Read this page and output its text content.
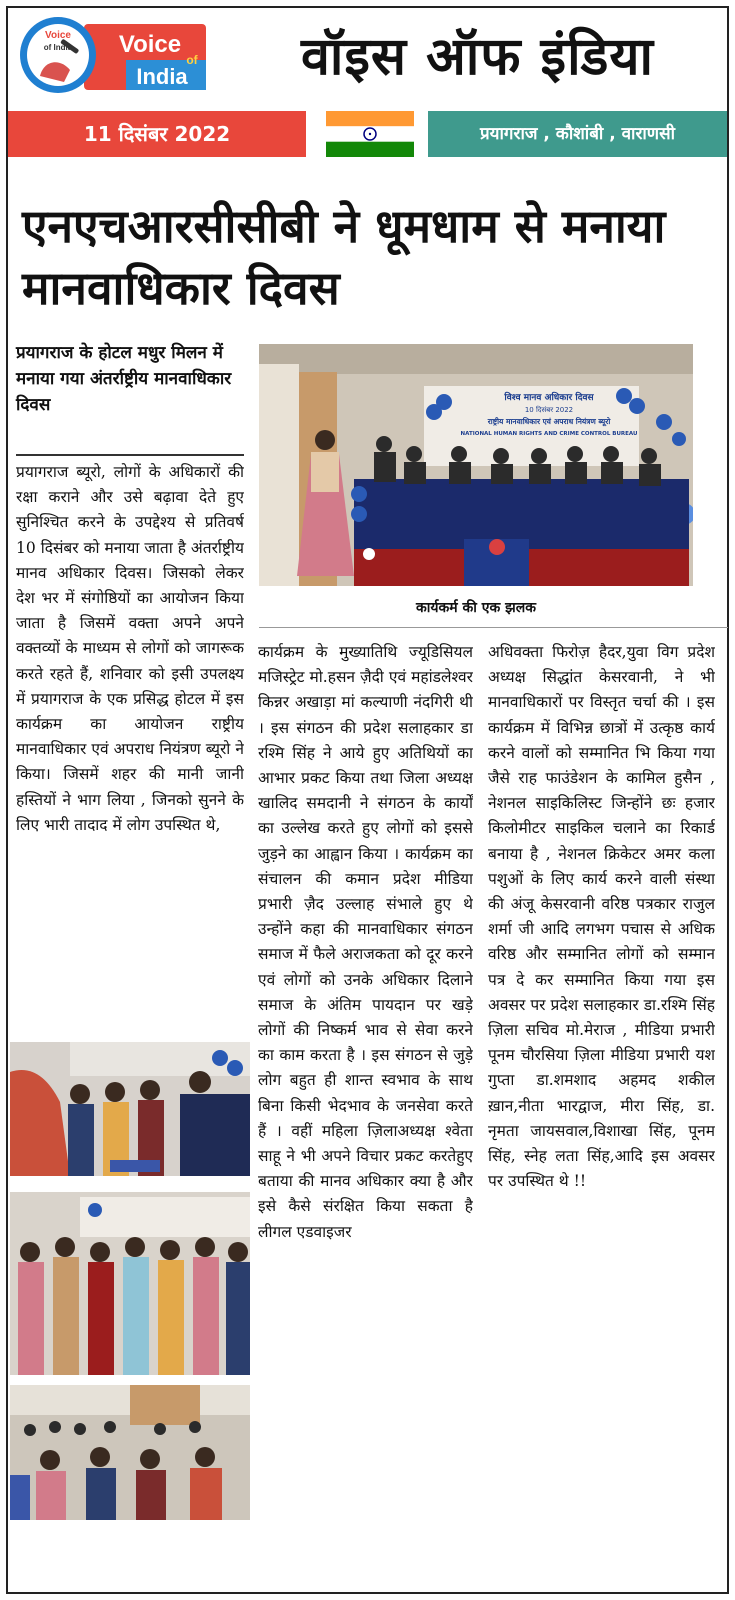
Voice
of India Voice
of
India	वॉइस ऑफ इंडिया
11 दिसंबर 2022	प्रयागराज , कौशांबी , वाराणसी
एनएचआरसीसीबी ने धूमधाम से मनाया मानवाधिकार दिवस
प्रयागराज के होटल मधुर मिलन में मनाया गया अंतर्राष्ट्रीय मानवाधिकार दिवस
प्रयागराज ब्यूरो, लोगों के अधिकारों की रक्षा कराने और उसे बढ़ावा देते हुए सुनिश्चित करने के उपद्देश्य से प्रतिवर्ष 10 दिसंबर को मनाया जाता है अंतर्राष्ट्रीय मानव अधिकार दिवस। जिसको लेकर देश भर में संगोष्ठियों का आयोजन किया जाता है जिसमें वक्ता अपने अपने वक्तव्यों के माध्यम से लोगों को जागरूक करते रहते हैं, शनिवार को इसी उपलक्ष्य में प्रयागराज के एक प्रसिद्ध होटल में इस कार्यक्रम का आयोजन राष्ट्रीय मानवाधिकार एवं अपराध नियंत्रण ब्यूरो ने किया। जिसमें शहर की मानी जानी हस्तियों ने भाग लिया , जिनको सुनने के लिए भारी तादाद में लोग उपस्थित थे,
विश्व मानव अधिकार दिवस
10 दिसंबर 2022
राष्ट्रीय मानवाधिकार एवं अपराध नियंत्रण ब्यूरो
NATIONAL HUMAN RIGHTS AND CRIME CONTROL BUREAU
कार्यकर्म की एक झलक
कार्यक्रम के मुख्यातिथि ज्यूडिसियल मजिस्ट्रेट मो.हसन ज़ैदी एवं महांडलेश्वर किन्नर अखाड़ा मां कल्याणी नंदगिरी थी । इस संगठन की प्रदेश सलाहकार डा रश्मि सिंह ने आये हुए अतिथियों का आभार प्रकट किया तथा जिला अध्यक्ष खालिद समदानी ने संगठन के कार्यों का उल्लेख करते हुए लोगों को इससे जुड़ने का आह्वान किया । कार्यक्रम का संचालन की कमान प्रदेश मीडिया प्रभारी ज़ैद उल्लाह संभाले हुए थे उन्होंने कहा की मानवाधिकार संगठन समाज में फैले अराजकता को दूर करने एवं लोगों को उनके अधिकार दिलाने समाज के अंतिम पायदान पर खड़े लोगों की निष्कर्म भाव से सेवा करने का काम करता है । इस संगठन से जुड़े लोग बहुत ही शान्त स्वभाव के साथ बिना किसी भेदभाव के जनसेवा करते हैं । वहीं महिला ज़िलाअध्यक्ष श्वेता साहू ने भी अपने विचार प्रकट करतेहुए बताया की मानव अधिकार क्या है और इसे कैसे संरक्षित किया सकता है लीगल एडवाइजर
अधिवक्ता फिरोज़ हैदर,युवा विग प्रदेश अध्यक्ष सिद्धांत केसरवानी, ने भी मानवाधिकारों पर विस्तृत चर्चा की । इस कार्यक्रम में विभिन्न छात्रों में उत्कृष्ठ कार्य करने वालों को सम्मानित भि किया गया जैसे राह फाउंडेशन के कामिल हुसैन , नेशनल साइकिलिस्ट जिन्होंने छः हजार किलोमीटर साइकिल चलाने का रिकार्ड बनाया है , नेशनल क्रिकेटर अमर कला पशुओं के लिए कार्य करने वाली संस्था की अंजू केसरवानी वरिष्ठ पत्रकार राजुल शर्मा जी आदि लगभग पचास से अधिक वरिष्ठ और सम्मानित लोगों को सम्मान पत्र दे कर सम्मानित किया गया इस अवसर पर प्रदेश सलाहकार डा.रश्मि सिंह ज़िला सचिव मो.मेराज , मीडिया प्रभारी पूनम चौरसिया ज़िला मीडिया प्रभारी यश गुप्ता डा.शमशाद अहमद शकील ख़ान,नीता भारद्वाज, मीरा सिंह, डा. नृमता जायसवाल,विशाखा सिंह, पूनम सिंह, स्नेह लता सिंह,आदि इस अवसर पर उपस्थित थे !!
